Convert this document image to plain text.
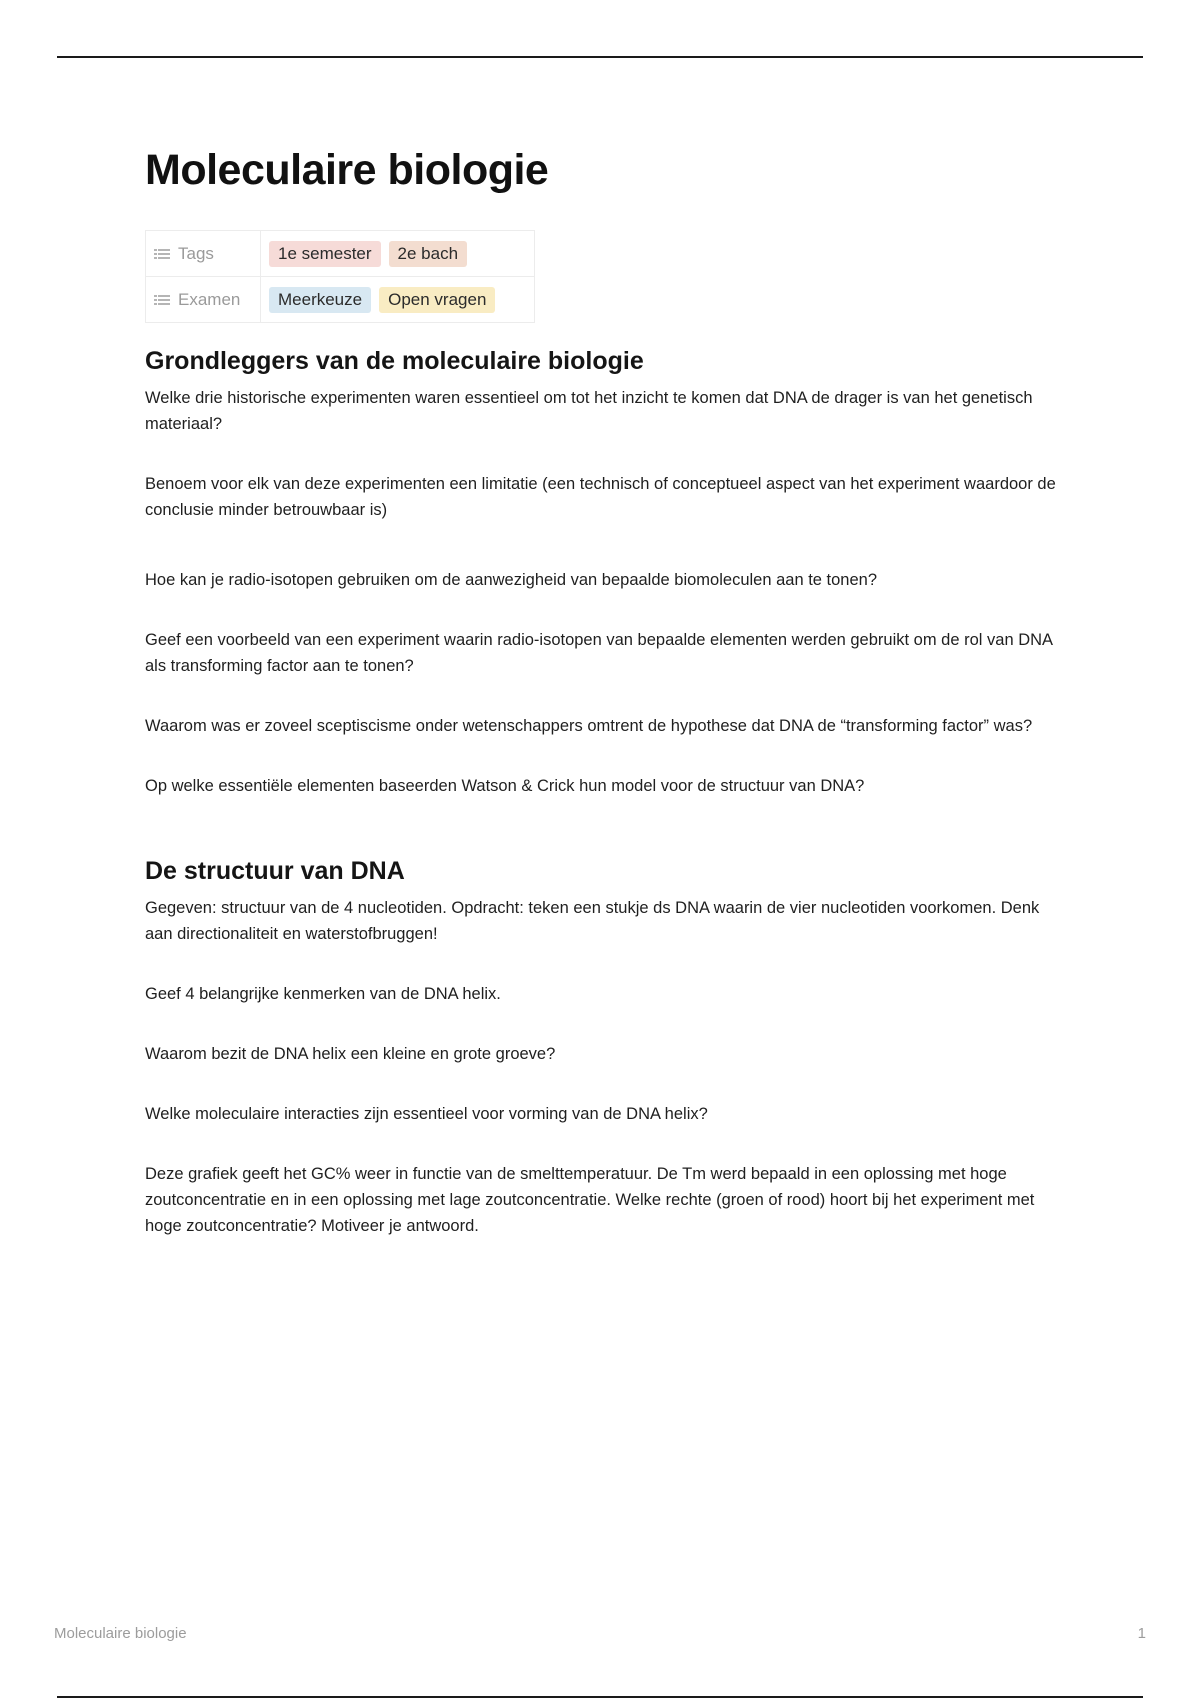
Moleculaire biologie
Tags	1e semester 2e bach

Examen	Meerkeuze Open vragen
Grondleggers van de moleculaire biologie

Welke drie historische experimenten waren essentieel om tot het inzicht te komen dat DNA de drager is van het genetisch materiaal?

Benoem voor elk van deze experimenten een limitatie (een technisch of conceptueel aspect van het experiment waardoor de conclusie minder betrouwbaar is)

Hoe kan je radio-isotopen gebruiken om de aanwezigheid van bepaalde biomoleculen aan te tonen?

Geef een voorbeeld van een experiment waarin radio-isotopen van bepaalde elementen werden gebruikt om de rol van DNA als transforming factor aan te tonen?

Waarom was er zoveel sceptiscisme onder wetenschappers omtrent de hypothese dat DNA de “transforming factor” was?

Op welke essentiële elementen baseerden Watson & Crick hun model voor de structuur van DNA?

De structuur van DNA

Gegeven: structuur van de 4 nucleotiden. Opdracht: teken een stukje ds DNA waarin de vier nucleotiden voorkomen. Denk aan directionaliteit en waterstofbruggen!

Geef 4 belangrijke kenmerken van de DNA helix.

Waarom bezit de DNA helix een kleine en grote groeve?

Welke moleculaire interacties zijn essentieel voor vorming van de DNA helix?

Deze grafiek geeft het GC% weer in functie van de smelttemperatuur. De Tm werd bepaald in een oplossing met hoge zoutconcentratie en in een oplossing met lage zoutconcentratie. Welke rechte (groen of rood) hoort bij het experiment met hoge zoutconcentratie? Motiveer je antwoord.

Moleculaire biologie	1
